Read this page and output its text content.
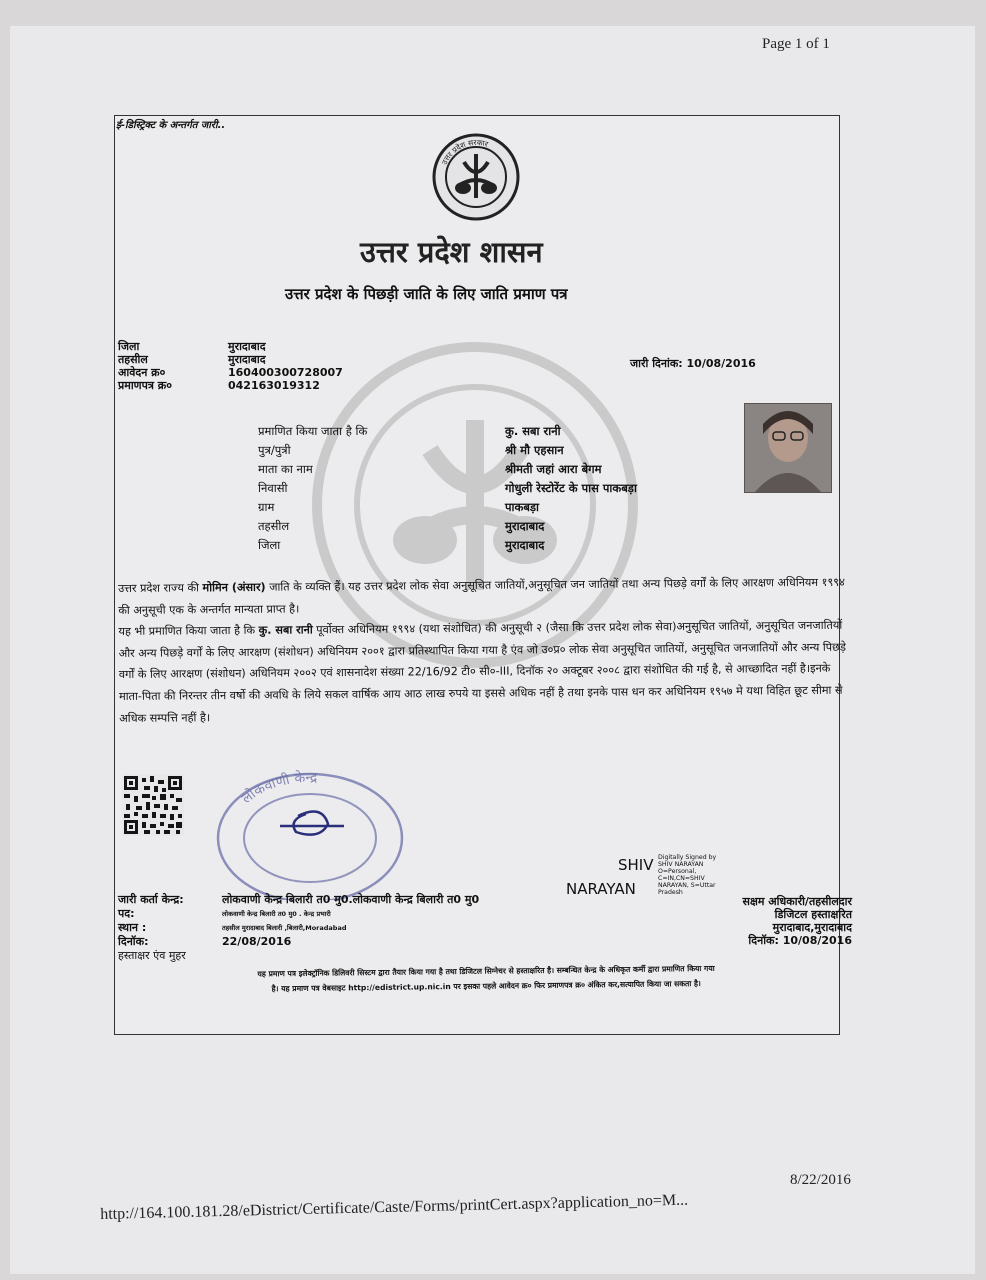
Page 1 of 1
ई-डिस्ट्रिक्ट के अन्तर्गत जारी..
उत्तर प्रदेश सरकार
उत्तर प्रदेश शासन
उत्तर प्रदेश के पिछड़ी जाति के लिए जाति प्रमाण पत्र
जिला	मुरादाबाद
तहसील	मुरादाबाद
आवेदन क्र०	160400300728007
प्रमाणपत्र क्र०	042163019312
जारी दिनांक: 10/08/2016
प्रमाणित किया जाता है कि	कु. सबा रानी
पुत्र/पुत्री	श्री मौ एहसान
माता का नाम	श्रीमती जहां आरा बेगम
निवासी	गोधुली रेस्टोरेंट के पास पाकबड़ा
ग्राम	पाकबड़ा
तहसील	मुरादाबाद
जिला	मुरादाबाद

उत्तर प्रदेश राज्य की मोमिन (अंसार) जाति के व्यक्ति हैं। यह उत्तर प्रदेश लोक सेवा अनुसूचित जातियों,अनुसूचित जन जातियों तथा अन्य पिछड़े वर्गों के लिए आरक्षण अधिनियम १९९४ की अनुसूची एक के अन्तर्गत मान्यता प्राप्त है।

यह भी प्रमाणित किया जाता है कि कु. सबा रानी पूर्वोक्त अधिनियम १९९४ (यथा संशोधित) की अनुसूची २ (जैसा कि उत्तर प्रदेश लोक सेवा)अनुसूचित जातियों, अनुसूचित जनजातियों और अन्य पिछड़े वर्गों के लिए आरक्षण (संशोधन) अधिनियम २००१ द्वारा प्रतिस्थापित किया गया है एंव जो उ०प्र० लोक सेवा अनुसूचित जातियों, अनुसूचित जनजातियों और अन्य पिछड़े वर्गों के लिए आरक्षण (संशोधन) अधिनियम २००२ एवं शासनादेश संख्या 22/16/92 टी० सी०-III, दिनॉक २० अक्टूबर २००८ द्वारा संशोधित की गई है, से आच्छादित नहीं है।इनके माता-पिता की निरन्तर तीन वर्षो की अवधि के लिये सकल वार्षिक आय आठ लाख रुपये या इससे अधिक नहीं है तथा इनके पास धन कर अधिनियम १९५७ मे यथा विहित छूट सीमा से अधिक सम्पत्ति नहीं है।

लोकवाणी केन्द्र
SHIV
NARAYAN
Digitally Signed by SHIV NARAYAN O=Personal, C=IN,CN=SHIV NARAYAN, S=Uttar Pradesh
जारी कर्ता केन्द्र:	लोकवाणी केन्द्र बिलारी त0 मु0.लोकवाणी केन्द्र बिलारी त0 मु0
पद:	लोकवाणी केन्द्र बिलारी त0 मु0 . केन्द्र प्रभारी
स्थान :	तहसील मुरादाबाद बिलारी ,बिलारी,Moradabad
दिनॉक:	22/08/2016
हस्ताक्षर एंव मुहर
सक्षम अधिकारी/तहसीलदार
डिजिटल हस्ताक्षरित
मुरादाबाद,मुरादाबाद
दिनॉक: 10/08/2016
यह प्रमाण पत्र इलेक्ट्रॉनिक डिलिवरी सिस्टम द्वारा तैयार किया गया है तथा डिजिटल सिग्नेचर से हस्ताक्षरित है। सम्बन्धित केन्द्र के अधिकृत कर्मी द्वारा प्रमाणित किया गया
है। यह प्रमाण पत्र वेबसाइट http://edistrict.up.nic.in पर इसका पहले आवेदन क्र० फिर प्रमाणपत्र क्र० अंकित कर,सत्यापित किया जा सकता है।
8/22/2016
http://164.100.181.28/eDistrict/Certificate/Caste/Forms/printCert.aspx?application_no=M...
